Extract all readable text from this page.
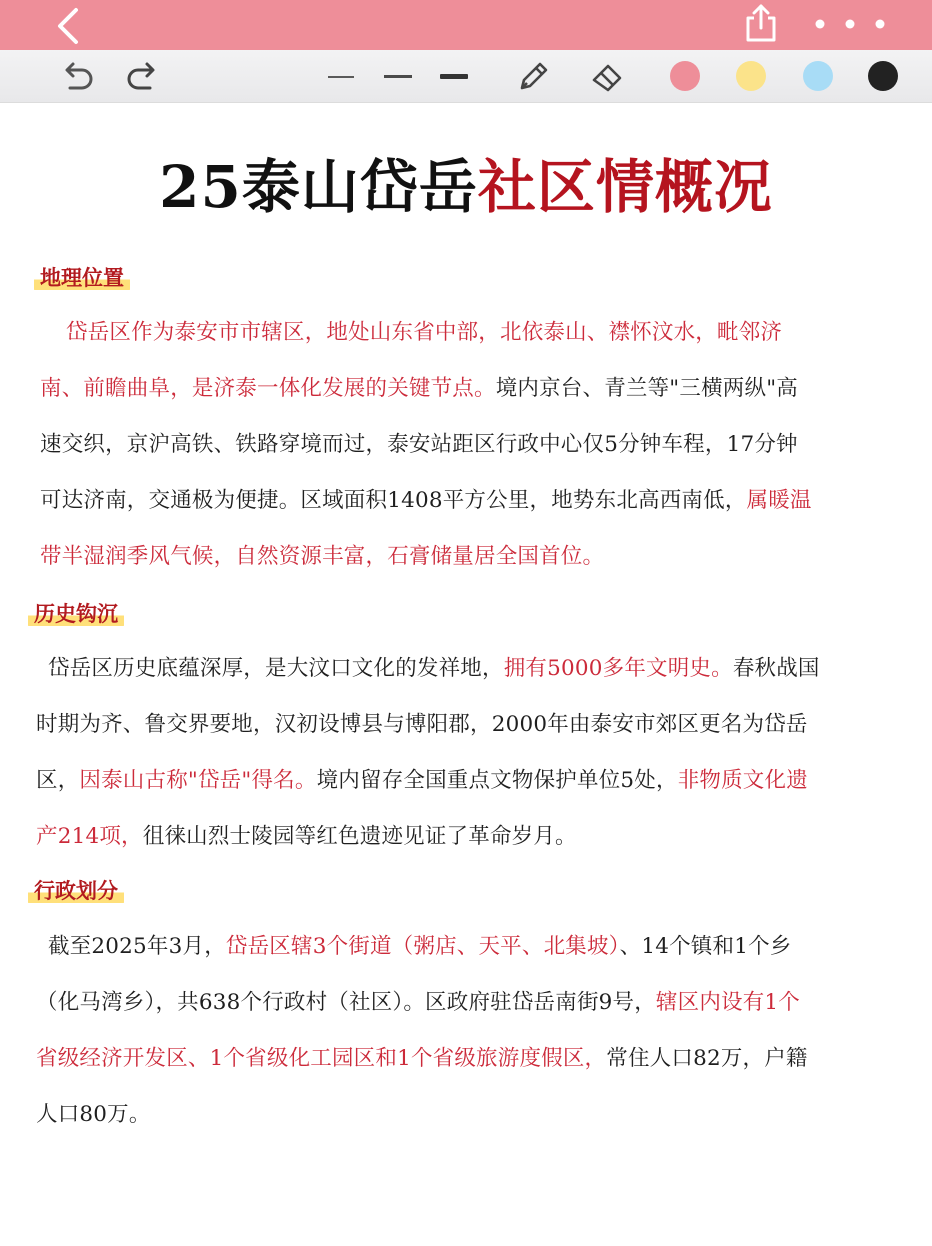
25泰山岱岳社区情概况
地理位置
岱岳区作为泰安市市辖区，地处山东省中部，北依泰山、襟怀汶水，毗邻济
南、前瞻曲阜，是济泰一体化发展的关键节点。境内京台、青兰等"三横两纵"高
速交织，京沪高铁、铁路穿境而过，泰安站距区行政中心仅5分钟车程，17分钟
可达济南，交通极为便捷。区域面积1408平方公里，地势东北高西南低，属暖温
带半湿润季风气候，自然资源丰富，石膏储量居全国首位。
历史钩沉
岱岳区历史底蕴深厚，是大汶口文化的发祥地，拥有5000多年文明史。春秋战国
时期为齐、鲁交界要地，汉初设博县与博阳郡，2000年由泰安市郊区更名为岱岳
区，因泰山古称"岱岳"得名。境内留存全国重点文物保护单位5处，非物质文化遗
产214项，徂徕山烈士陵园等红色遗迹见证了革命岁月。
行政划分
截至2025年3月，岱岳区辖3个街道（粥店、天平、北集坡）、14个镇和1个乡
（化马湾乡），共638个行政村（社区）。区政府驻岱岳南街9号，辖区内设有1个
省级经济开发区、1个省级化工园区和1个省级旅游度假区，常住人口82万，户籍
人口80万。
